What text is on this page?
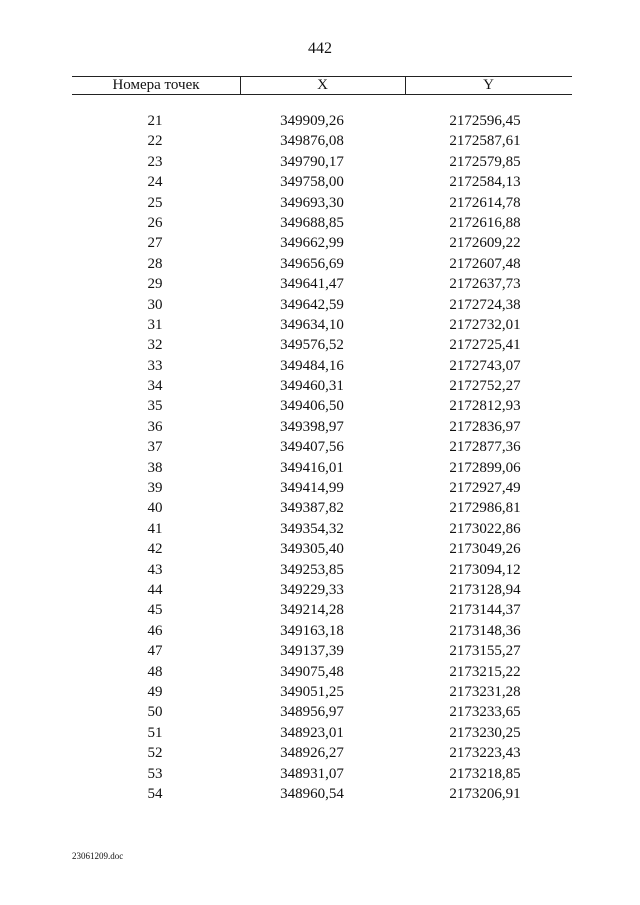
442
Номера точек	X	Y
21	349909,26	2172596,45
22	349876,08	2172587,61
23	349790,17	2172579,85
24	349758,00	2172584,13
25	349693,30	2172614,78
26	349688,85	2172616,88
27	349662,99	2172609,22
28	349656,69	2172607,48
29	349641,47	2172637,73
30	349642,59	2172724,38
31	349634,10	2172732,01
32	349576,52	2172725,41
33	349484,16	2172743,07
34	349460,31	2172752,27
35	349406,50	2172812,93
36	349398,97	2172836,97
37	349407,56	2172877,36
38	349416,01	2172899,06
39	349414,99	2172927,49
40	349387,82	2172986,81
41	349354,32	2173022,86
42	349305,40	2173049,26
43	349253,85	2173094,12
44	349229,33	2173128,94
45	349214,28	2173144,37
46	349163,18	2173148,36
47	349137,39	2173155,27
48	349075,48	2173215,22
49	349051,25	2173231,28
50	348956,97	2173233,65
51	348923,01	2173230,25
52	348926,27	2173223,43
53	348931,07	2173218,85
54	348960,54	2173206,91
23061209.doc
